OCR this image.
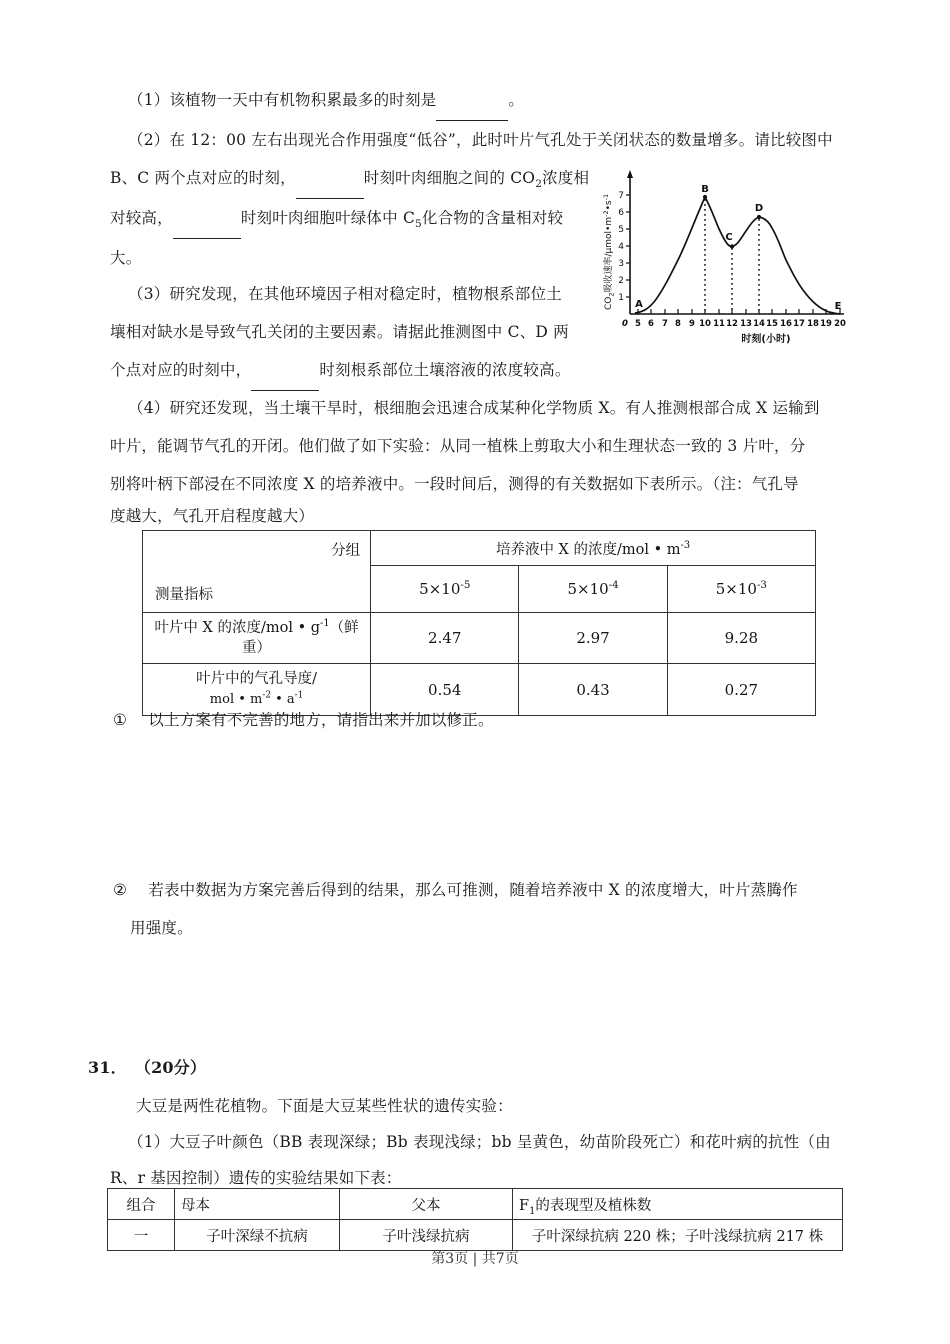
（1）该植物一天中有机物积累最多的时刻是	。
（2）在 12：00 左右出现光合作用强度“低谷”，此时叶片气孔处于关闭状态的数量增多。请比较图中
B、C 两个点对应的时刻，	时刻叶肉细胞之间的 $CO_2$浓度相
对较高，	时刻叶肉细胞叶绿体中 $C_5$化合物的含量相对较
大。
（3）研究发现，在其他环境因子相对稳定时，植物根系部位土
壤相对缺水是导致气孔关闭的主要因素。请据此推测图中 C、D 两
个点对应的时刻中，	时刻根系部位土壤溶液的浓度较高。
（4）研究还发现，当土壤干旱时，根细胞会迅速合成某种化学物质 X。有人推测根部合成 X 运输到
叶片，能调节气孔的开闭。他们做了如下实验：从同一植株上剪取大小和生理状态一致的 3 片叶，分
别将叶柄下部浸在不同浓度 X 的培养液中。一段时间后，测得的有关数据如下表所示。（注：气孔导
度越大，气孔开启程度越大）
$CO_2$吸收速率$/\mu mol•m^{-2}•s^{-1}$
1
2
3
4
5
6
7
0 5 6 7 8 9 10 11 12 13 14 15 16 17 18 19 20
时刻(小时)
A
B
C
D
E
分组
测量指标	培养液中 X 的浓度/mol • $m^{-3}$
	$5\times 10^{-5}$	$5\times 10^{-4}$	$5\times 10^{-3}$
叶片中 X 的浓度/mol • $g^{-1}$（鲜
重）	2.47	2.97	9.28
叶片中的气孔导度/
mol • $m^{-2}$ • $a^{-1}$	0.54	0.43	0.27
① 以上方案有不完善的地方，请指出来并加以修正。
② 若表中数据为方案完善后得到的结果，那么可推测，随着培养液中 X 的浓度增大，叶片蒸腾作
用强度。
31． （20分）
大豆是两性花植物。下面是大豆某些性状的遗传实验：
（1）大豆子叶颜色（BB 表现深绿；Bb 表现浅绿；bb 呈黄色，幼苗阶段死亡）和花叶病的抗性（由
R、r 基因控制）遗传的实验结果如下表：
组合	母本	父本	$F_1$的表现型及植株数
一	子叶深绿不抗病	子叶浅绿抗病	子叶深绿抗病 220 株；子叶浅绿抗病 217 株
第3页 | 共7页
